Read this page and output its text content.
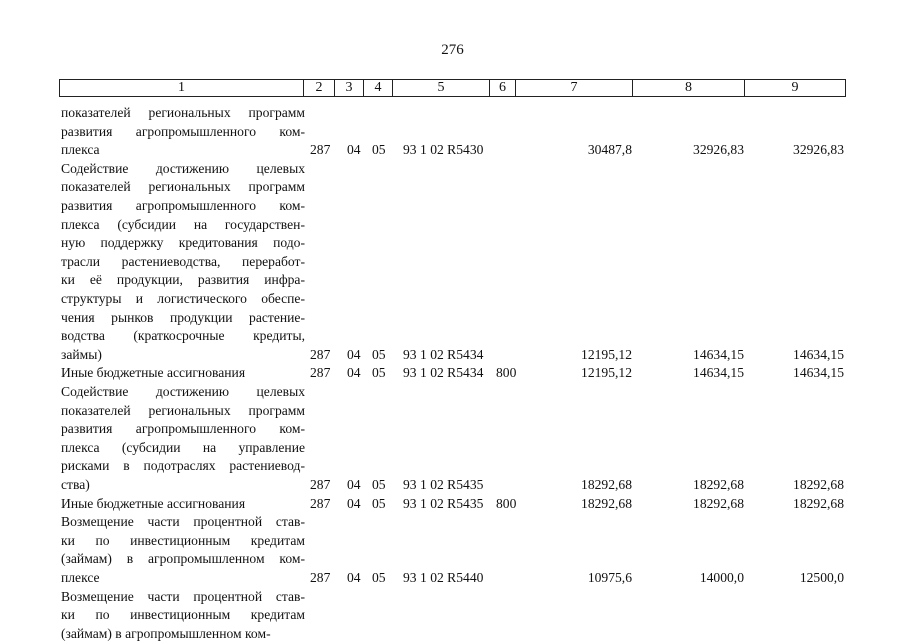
276
1	2	3	4	5	6	7	8	9
показателей региональных программ
развития агропромышленного ком-
плекса	287	04 05	93 1 02 R5430	30487,8	32926,83	32926,83
Содействие достижению целевых
показателей региональных программ
развития агропромышленного ком-
плекса (субсидии на государствен-
ную поддержку кредитования подо-
трасли растениеводства, переработ-
ки её продукции, развития инфра-
структуры и логистического обеспе-
чения рынков продукции растение-
водства (краткосрочные кредиты,
займы)	287	04 05	93 1 02 R5434	12195,12	14634,15	14634,15
Иные бюджетные ассигнования	287	04 05	93 1 02 R5434 800	12195,12	14634,15	14634,15
Содействие достижению целевых
показателей региональных программ
развития агропромышленного ком-
плекса (субсидии на управление
рисками в подотраслях растениевод-
ства)	287	04 05	93 1 02 R5435	18292,68	18292,68	18292,68
Иные бюджетные ассигнования	287	04 05	93 1 02 R5435 800	18292,68	18292,68	18292,68
Возмещение части процентной став-
ки по инвестиционным кредитам
(займам) в агропромышленном ком-
плексе	287	04 05	93 1 02 R5440	10975,6	14000,0	12500,0
Возмещение части процентной став-
ки по инвестиционным кредитам
(займам) в агропромышленном ком-
